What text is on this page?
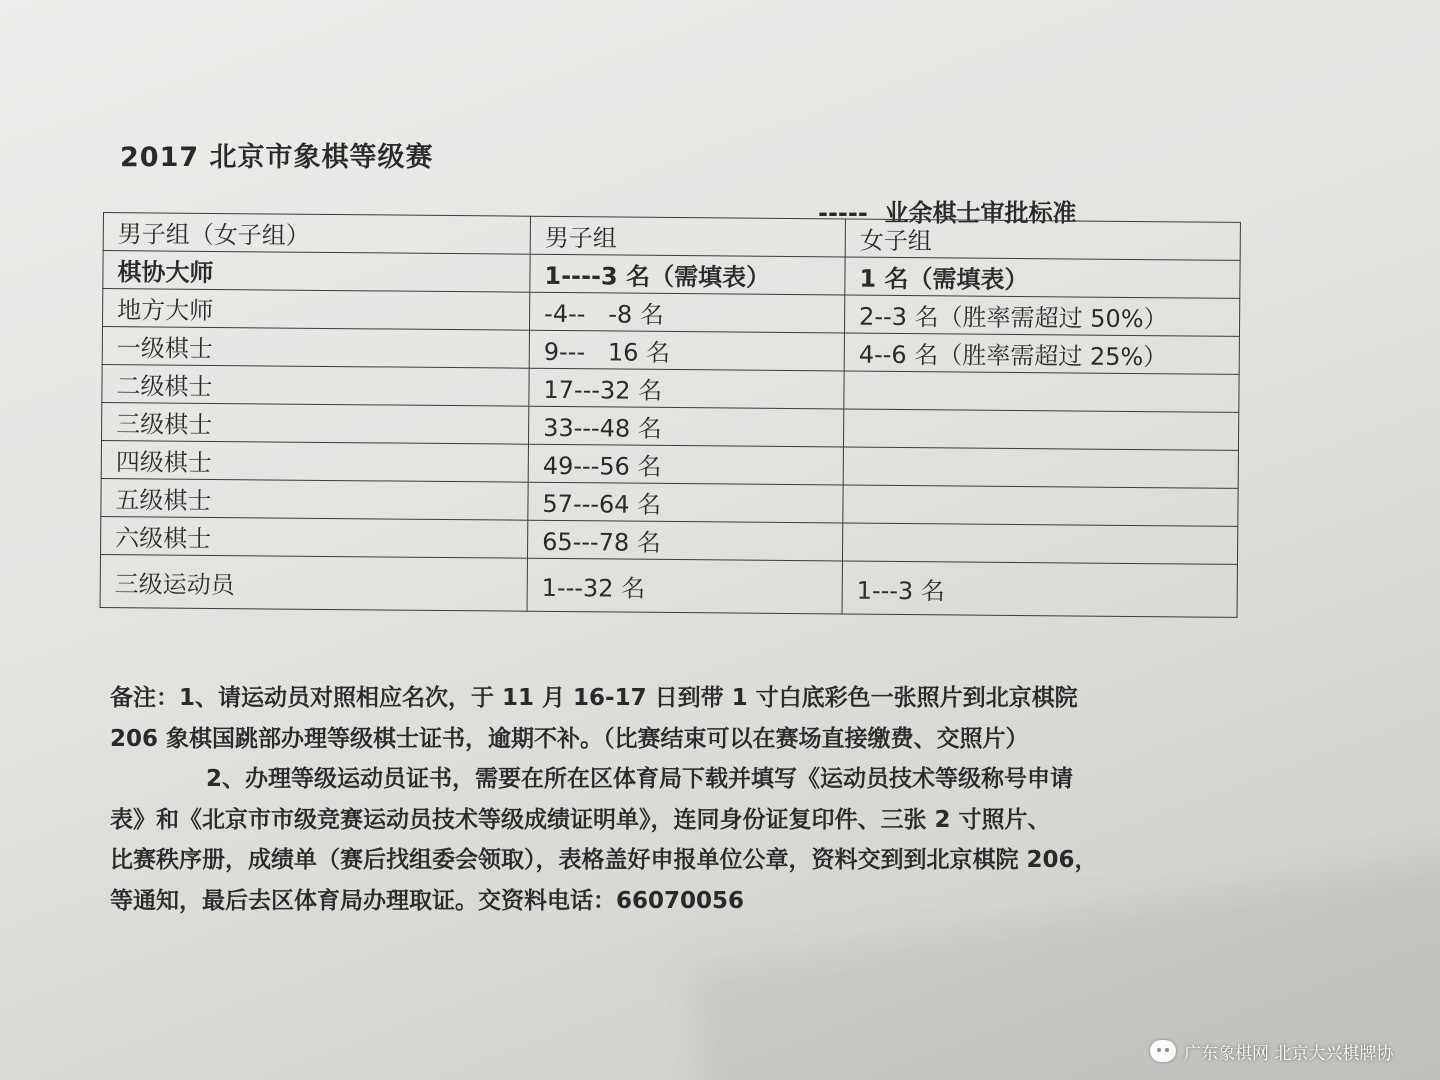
2017 北京市象棋等级赛
-----  业余棋士审批标准
男子组（女子组）	男子组	女子组
棋协大师	1----3 名（需填表）	1 名（需填表）
地方大师	-4--   -8 名	2--3 名（胜率需超过 50%）
一级棋士	9---   16 名	4--6 名（胜率需超过 25%）
二级棋士	17---32 名	
三级棋士	33---48 名	
四级棋士	49---56 名	
五级棋士	57---64 名	
六级棋士	65---78 名	
三级运动员	1---32 名	1---3 名

备注：1、请运动员对照相应名次，于 11 月 16-17 日到带 1 寸白底彩色一张照片到北京棋院

206 象棋国跳部办理等级棋士证书，逾期不补。（比赛结束可以在赛场直接缴费、交照片）

2、办理等级运动员证书，需要在所在区体育局下载并填写《运动员技术等级称号申请

表》和《北京市市级竞赛运动员技术等级成绩证明单》，连同身份证复印件、三张 2 寸照片、

比赛秩序册，成绩单（赛后找组委会领取），表格盖好申报单位公章，资料交到到北京棋院 206，

等通知，最后去区体育局办理取证。交资料电话：66070056

广东象棋网 北京大兴棋牌协
